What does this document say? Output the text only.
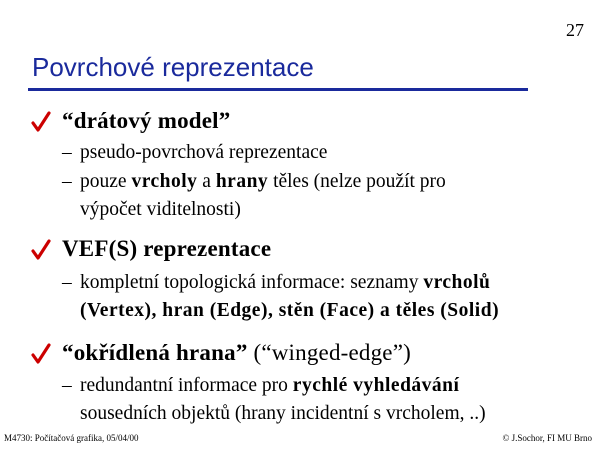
27
Povrchové reprezentace
“drátový model”
– pseudo-povrchová reprezentace
– pouze vrcholy a hrany těles (nelze použít pro
výpočet viditelnosti)
VEF(S) reprezentace
– kompletní topologická informace: seznamy vrcholů
(Vertex), hran (Edge), stěn (Face) a těles (Solid)
“okřídlená hrana” (“winged-edge”)
– redundantní informace pro rychlé vyhledávání
sousedních objektů (hrany incidentní s vrcholem, ..)
M4730: Počítačová grafika, 05/04/00	© J.Sochor, FI MU Brno
